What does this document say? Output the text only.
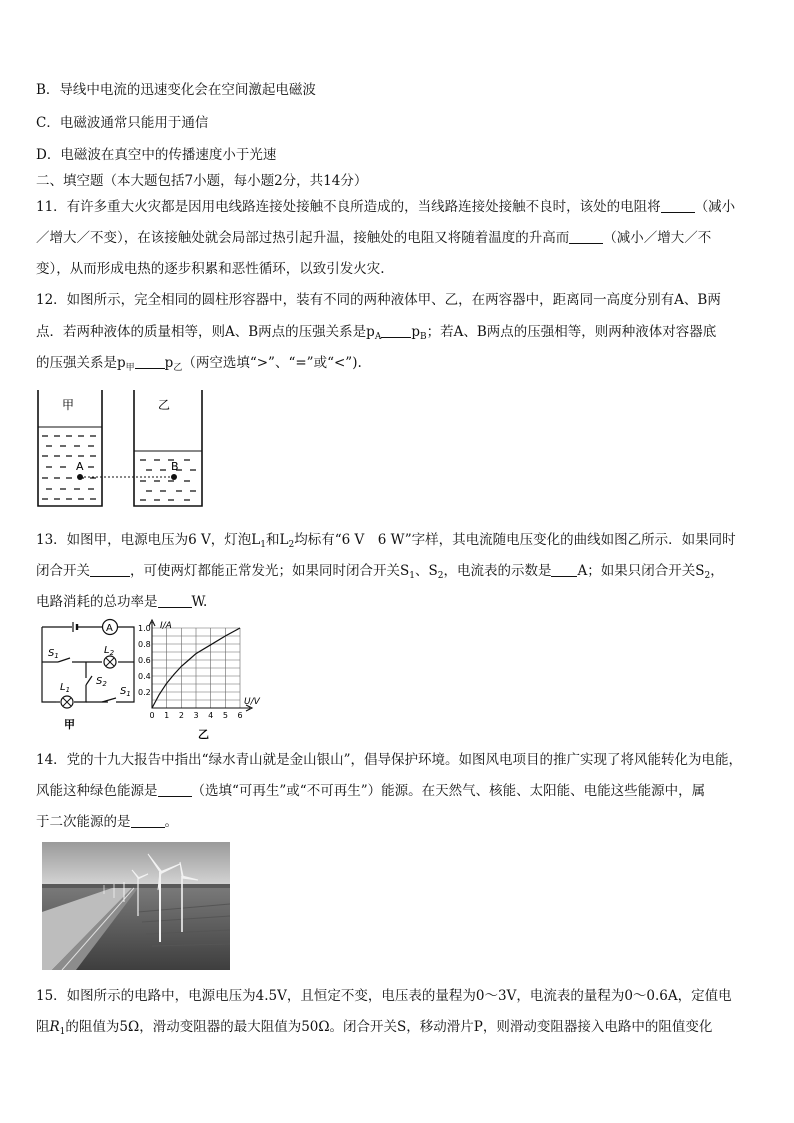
B．导线中电流的迅速变化会在空间激起电磁波
C．电磁波通常只能用于通信
D．电磁波在真空中的传播速度小于光速
二、填空题（本大题包括7小题，每小题2分，共14分）
11．有许多重大火灾都是因用电线路连接处接触不良所造成的，当线路连接处接触不良时，该处的电阻将	（减小
／增大／不变），在该接触处就会局部过热引起升温，接触处的电阻又将随着温度的升高而	（减小／增大／不
变），从而形成电热的逐步积累和恶性循环，以致引发火灾.
12．如图所示，完全相同的圆柱形容器中，装有不同的两种液体甲、乙，在两容器中，距离同一高度分别有A、B两
点．若两种液体的质量相等，则A、B两点的压强关系是$p_A$ $p_B$；若A、B两点的压强相等，则两种液体对容器底
的压强关系是$p_甲$ $p_乙$（两空选填“>”、“=”或“<”).
A	B
甲	乙
13．如图甲，电源电压为6 V，灯泡$L_1$和$L_2$均标有“6 V　6 W”字样，其电流随电压变化的曲线如图乙所示．如果同时
闭合开关	，可使两灯都能正常发光；如果同时闭合开关$S_1$、$S_2$，电流表的示数是 A；如果只闭合开关$S_2$，
电路消耗的总功率是	W.
A
$S_1$	$L_2$
$L_1$
$S_2$
$S_1$
甲
0 1 2 3 4 5 6
0.2
0.4
0.6
0.8
1.0 I/A
U/V
乙
14．党的十九大报告中指出“绿水青山就是金山银山”，倡导保护环境。如图风电项目的推广实现了将风能转化为电能，
风能这种绿色能源是	（选填“可再生”或“不可再生”）能源。在天然气、核能、太阳能、电能这些能源中，属
于二次能源的是	。
15．如图所示的电路中，电源电压为4.5V，且恒定不变，电压表的量程为0～3V，电流表的量程为0～0.6A，定值电
阻$R_1$的阻值为5Ω，滑动变阻器的最大阻值为50Ω。闭合开关S，移动滑片P，则滑动变阻器接入电路中的阻值变化
